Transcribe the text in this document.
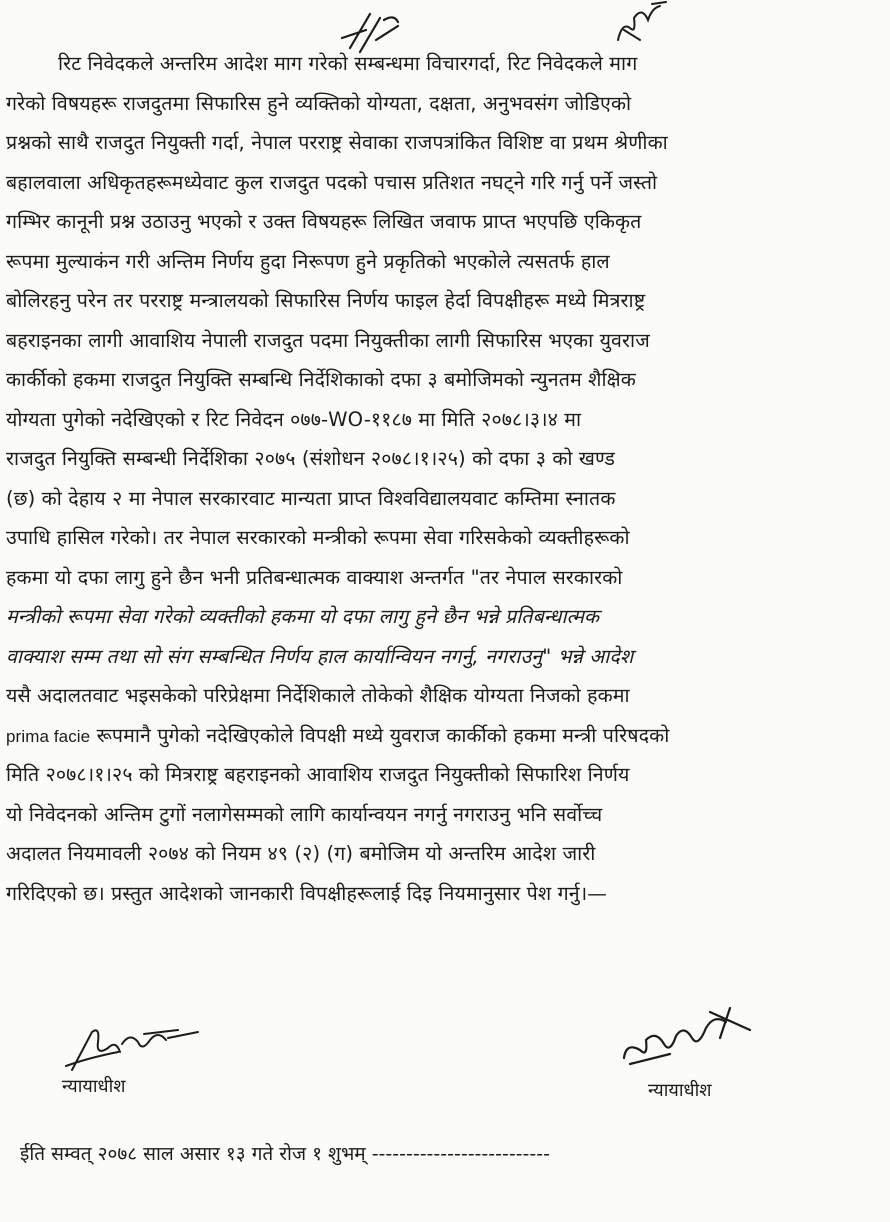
रिट निवेदकले अन्तरिम आदेश माग गरेको सम्बन्धमा विचारगर्दा, रिट निवेदकले माग
गरेको विषयहरू राजदुतमा सिफारिस हुने व्यक्तिको योग्यता, दक्षता, अनुभवसंग जोडिएको
प्रश्नको साथै राजदुत नियुक्ती गर्दा, नेपाल परराष्ट्र सेवाका राजपत्रांकित विशिष्ट वा प्रथम श्रेणीका
बहालवाला अधिकृतहरूमध्येवाट कुल राजदुत पदको पचास प्रतिशत नघट्ने गरि गर्नु पर्ने जस्तो
गम्भिर कानूनी प्रश्न उठाउनु भएको र उक्त विषयहरू लिखित जवाफ प्राप्त भएपछि एकिकृत
रूपमा मुल्याकंन गरी अन्तिम निर्णय हुदा निरूपण हुने प्रकृतिको भएकोले त्यसतर्फ हाल
बोलिरहनु परेन तर परराष्ट्र मन्त्रालयको सिफारिस निर्णय फाइल हेर्दा विपक्षीहरू मध्ये मित्रराष्ट्र
बहराइनका लागी आवाशिय नेपाली राजदुत पदमा नियुक्तीका लागी सिफारिस भएका युवराज
कार्कीको हकमा राजदुत नियुक्ति सम्बन्धि निर्देशिकाको दफा ३ बमोजिमको न्युनतम शैक्षिक
योग्यता पुगेको नदेखिएको र रिट निवेदन ०७७-WO-११८७ मा मिति २०७८।३।४ मा
राजदुत नियुक्ति सम्बन्धी निर्देशिका २०७५ (संशोधन २०७८।१।२५) को दफा ३ को खण्ड
(छ) को देहाय २ मा नेपाल सरकारवाट मान्यता प्राप्त विश्वविद्यालयवाट कम्तिमा स्नातक
उपाधि हासिल गरेको। तर नेपाल सरकारको मन्त्रीको रूपमा सेवा गरिसकेको व्यक्तीहरूको
हकमा यो दफा लागु हुने छैन भनी प्रतिबन्धात्मक वाक्याश अन्तर्गत "तर नेपाल सरकारको
मन्त्रीको रूपमा सेवा गरेको व्यक्तीको हकमा यो दफा लागु हुने छैन भन्ने प्रतिबन्धात्मक
वाक्याश सम्म तथा सो संग सम्बन्धित निर्णय हाल कार्यान्वियन नगर्नु, नगराउनु" भन्ने आदेश
यसै अदालतवाट भइसकेको परिप्रेक्षमा निर्देशिकाले तोकेको शैक्षिक योग्यता निजको हकमा
prima facie रूपमानै पुगेको नदेखिएकोले विपक्षी मध्ये युवराज कार्कीको हकमा मन्त्री परिषदको
मिति २०७८।१।२५ को मित्रराष्ट्र बहराइनको आवाशिय राजदुत नियुक्तीको सिफारिश निर्णय
यो निवेदनको अन्तिम टुगों नलागेसम्मको लागि कार्यान्वयन नगर्नु नगराउनु भनि सर्वोच्च
अदालत नियमावली २०७४ को नियम ४९ (२) (ग) बमोजिम यो अन्तरिम आदेश जारी
गरिदिएको छ। प्रस्तुत आदेशको जानकारी विपक्षीहरूलाई दिइ नियमानुसार पेश गर्नु।—
न्यायाधीश	न्यायाधीश
ईति सम्वत् २०७८ साल असार १३ गते रोज १ शुभम् --------------------------
